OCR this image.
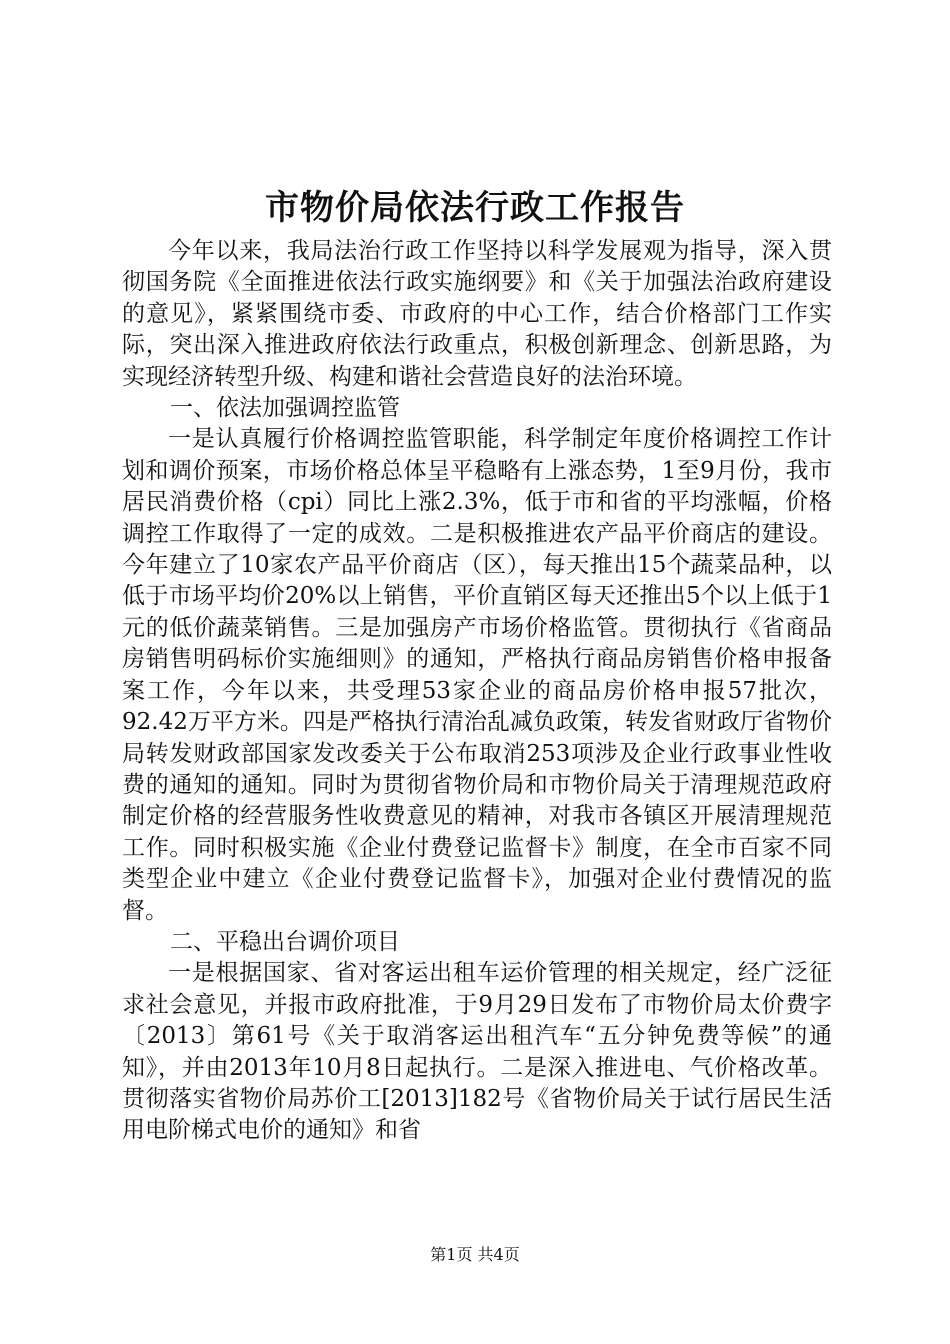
市物价局依法行政工作报告

今年以来，我局法治行政工作坚持以科学发展观为指导，深入贯彻国务院《全面推进依法行政实施纲要》和《关于加强法治政府建设的意见》，紧紧围绕市委、市政府的中心工作，结合价格部门工作实际，突出深入推进政府依法行政重点，积极创新理念、创新思路，为实现经济转型升级、构建和谐社会营造良好的法治环境。

一、依法加强调控监管

一是认真履行价格调控监管职能，科学制定年度价格调控工作计划和调价预案，市场价格总体呈平稳略有上涨态势，1至9月份，我市居民消费价格（cpi）同比上涨2.3%，低于市和省的平均涨幅，价格调控工作取得了一定的成效。二是积极推进农产品平价商店的建设。今年建立了10家农产品平价商店（区），每天推出15个蔬菜品种，以低于市场平均价20%以上销售，平价直销区每天还推出5个以上低于1元的低价蔬菜销售。三是加强房产市场价格监管。贯彻执行《省商品房销售明码标价实施细则》的通知，严格执行商品房销售价格申报备案工作，今年以来，共受理53家企业的商品房价格申报57批次，92.42万平方米。四是严格执行清治乱减负政策，转发省财政厅省物价局转发财政部国家发改委关于公布取消253项涉及企业行政事业性收费的通知的通知。同时为贯彻省物价局和市物价局关于清理规范政府制定价格的经营服务性收费意见的精神，对我市各镇区开展清理规范工作。同时积极实施《企业付费登记监督卡》制度，在全市百家不同类型企业中建立《企业付费登记监督卡》，加强对企业付费情况的监督。

二、平稳出台调价项目

一是根据国家、省对客运出租车运价管理的相关规定，经广泛征求社会意见，并报市政府批准，于9月29日发布了市物价局太价费字〔2013〕第61号《关于取消客运出租汽车“五分钟免费等候”的通知》，并由2013年10月8日起执行。二是深入推进电、气价格改革。贯彻落实省物价局苏价工[2013]182号《省物价局关于试行居民生活用电阶梯式电价的通知》和省

第1页 共4页
